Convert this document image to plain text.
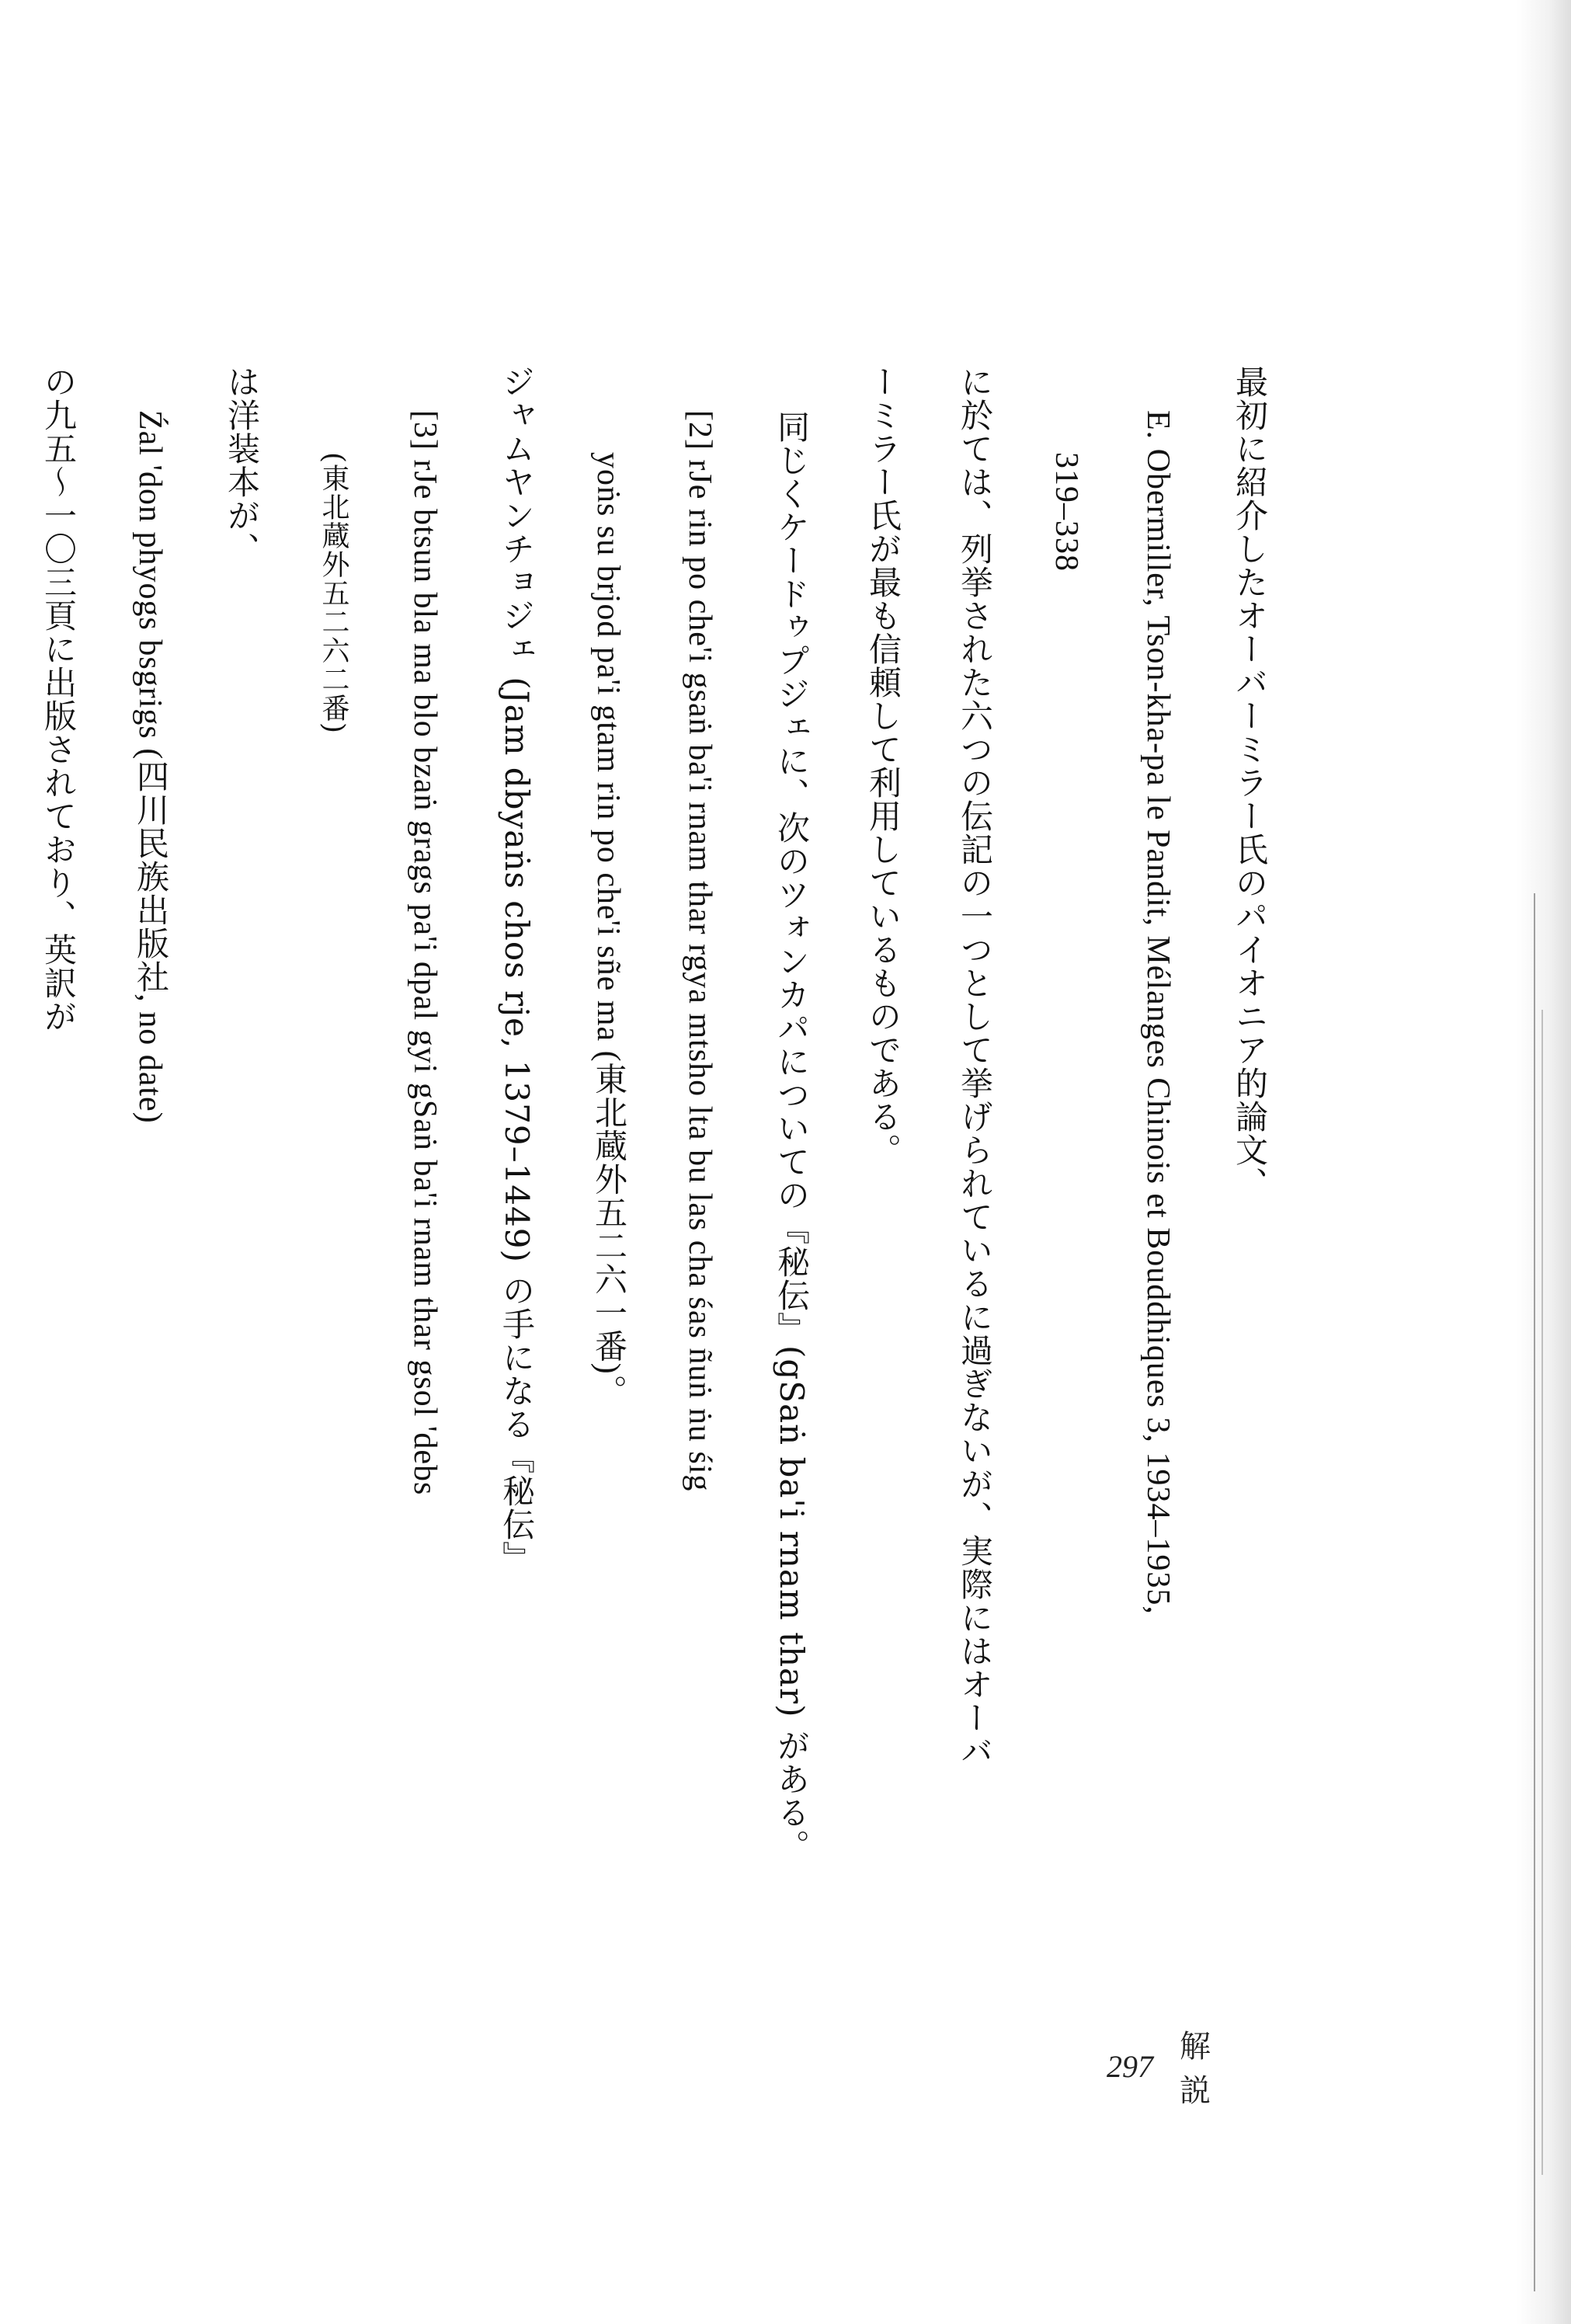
最初に紹介したオーバーミラー氏のパイオニア的論文、
E. Obermiller, Tson-kha-pa le Pandit, Mélanges Chinois et Bouddhiques 3, 1934–1935,
319–338
に於ては、列挙された六つの伝記の一つとして挙げられているに過ぎないが、実際にはオーバ
ーミラー氏が最も信頼して利用しているものである。
同じくケードゥプジェに、次のツォンカパについての『秘伝』(gSaṅ ba'i rnam thar) がある。
[2] rJe rin po che'i gsaṅ ba'i rnam thar rgya mtsho lta bu las cha śas ñuṅ ṅu śig
yoṅs su brjod pa'i gtam rin po che'i sñe ma (東北蔵外五二六一番)。
ジャムヤンチョジェ (Jam dbyaṅs chos rje, 1379–1449) の手になる『秘伝』
[3] rJe btsun bla ma blo bzaṅ grags pa'i dpal gyi gSaṅ ba'i rnam thar gsol 'debs
(東北蔵外五二六二番)
は洋装本が、
Źal 'don phyogs bsgrigs (四川民族出版社, no date)
の九五〜一〇三頁に出版されており、英訳が
297
解 説
